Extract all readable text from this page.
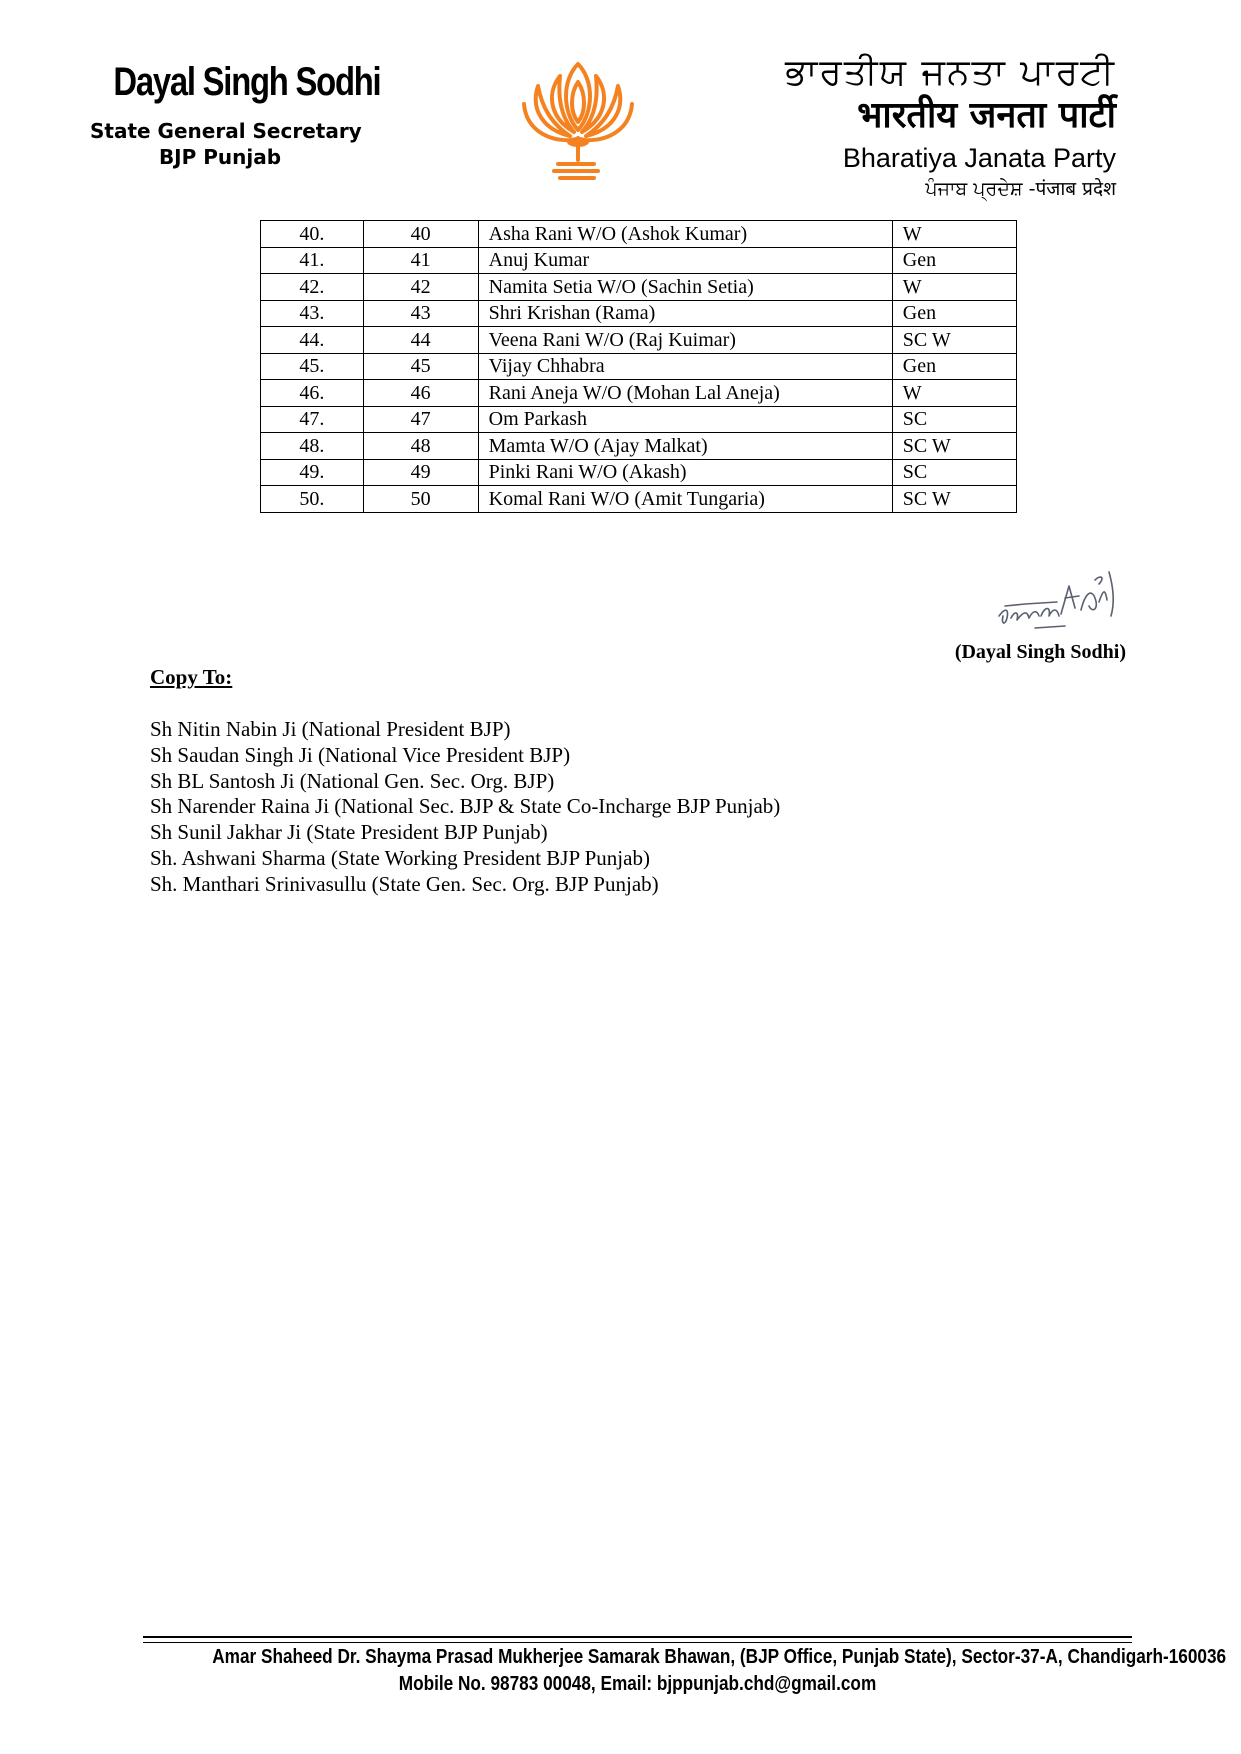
Dayal Singh Sodhi
State General Secretary
BJP Punjab
ਭਾਰਤੀਯ ਜਨਤਾ ਪਾਰਟੀ
भारतीय जनता पार्टी
Bharatiya Janata Party
ਪੰਜਾਬ ਪ੍ਰਦੇਸ਼ -पंजाब प्रदेश
40.	40	Asha Rani W/O (Ashok Kumar)	W
41.	41	Anuj Kumar	Gen
42.	42	Namita Setia W/O (Sachin Setia)	W
43.	43	Shri Krishan (Rama)	Gen
44.	44	Veena Rani W/O (Raj Kuimar)	SC W
45.	45	Vijay Chhabra	Gen
46.	46	Rani Aneja W/O (Mohan Lal Aneja)	W
47.	47	Om Parkash	SC
48.	48	Mamta W/O (Ajay Malkat)	SC W
49.	49	Pinki Rani W/O (Akash)	SC
50.	50	Komal Rani W/O (Amit Tungaria)	SC W
(Dayal Singh Sodhi)
Copy To:
Sh Nitin Nabin Ji (National President BJP)
Sh Saudan Singh Ji (National Vice President BJP)
Sh BL Santosh Ji (National Gen. Sec. Org. BJP)
Sh Narender Raina Ji (National Sec. BJP & State Co-Incharge BJP Punjab)
Sh Sunil Jakhar Ji (State President BJP Punjab)
Sh. Ashwani Sharma (State Working President BJP Punjab)
Sh. Manthari Srinivasullu (State Gen. Sec. Org. BJP Punjab)
Amar Shaheed Dr. Shayma Prasad Mukherjee Samarak Bhawan, (BJP Office, Punjab State), Sector-37-A, Chandigarh-160036
Mobile No. 98783 00048, Email: bjppunjab.chd@gmail.com
